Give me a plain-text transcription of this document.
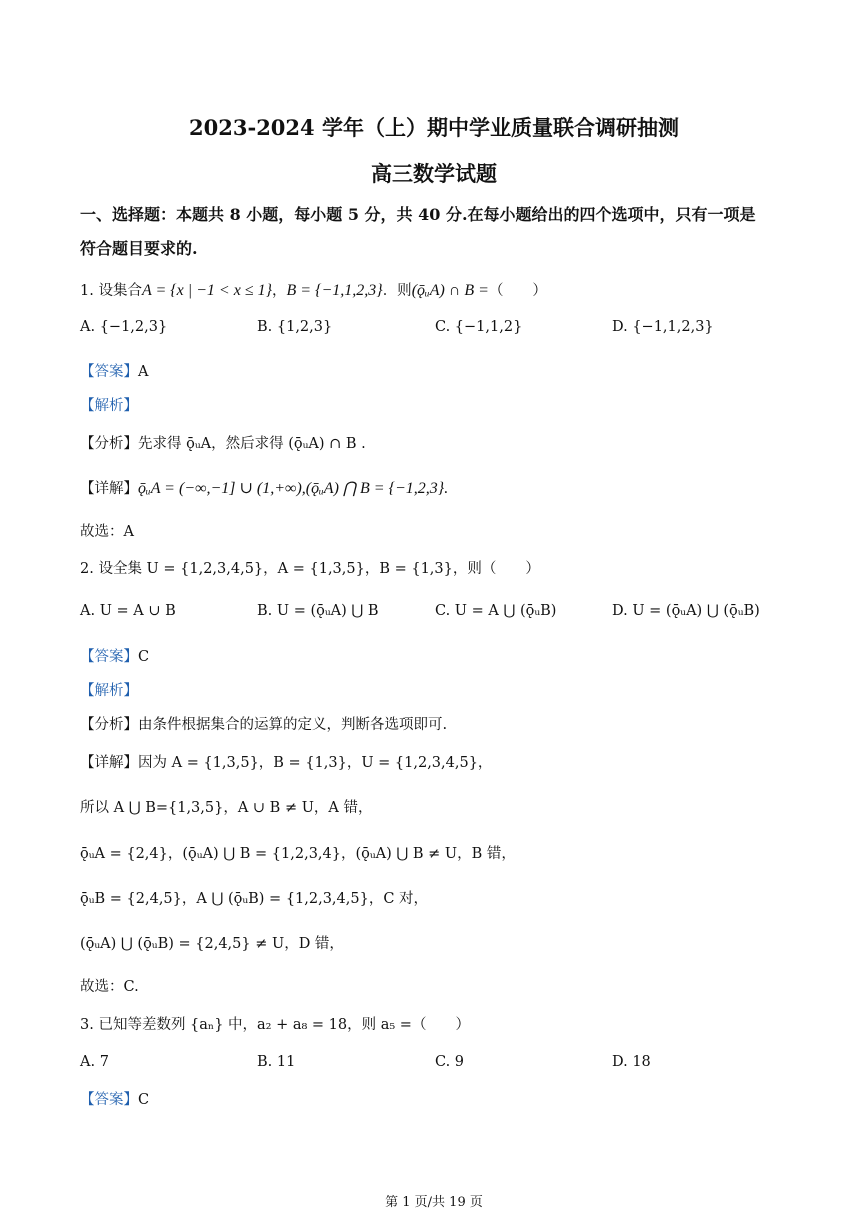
2023-2024 学年（上）期中学业质量联合调研抽测
高三数学试题
一、选择题：本题共 8 小题，每小题 5 分，共 40 分.在每小题给出的四个选项中，只有一项是
符合题目要求的.
1. 设集合A = {x | −1 < x ≤ 1}，B = {−1,1,2,3}．则(ǭᵤA) ∩ B =（　　）
A. {−1,2,3}	B. {1,2,3}	C. {−1,1,2}	D. {−1,1,2,3}
【答案】A
【解析】
【分析】先求得 ǭᵤA，然后求得 (ǭᵤA) ∩ B .
【详解】ǭᵤA = (−∞,−1] ∪ (1,+∞),(ǭᵤA) ⋂ B = {−1,2,3}.
故选：A
2. 设全集 U = {1,2,3,4,5}，A = {1,3,5}，B = {1,3}，则（　　）
A. U = A ∪ B	B. U = (ǭᵤA) ⋃ B	C. U = A ⋃ (ǭᵤB)	D. U = (ǭᵤA) ⋃ (ǭᵤB)
【答案】C
【解析】
【分析】由条件根据集合的运算的定义，判断各选项即可.
【详解】因为 A = {1,3,5}，B = {1,3}，U = {1,2,3,4,5}，
所以 A ⋃ B={1,3,5}，A ∪ B ≠ U，A 错，
ǭᵤA = {2,4}，(ǭᵤA) ⋃ B = {1,2,3,4}，(ǭᵤA) ⋃ B ≠ U，B 错，
ǭᵤB = {2,4,5}，A ⋃ (ǭᵤB) = {1,2,3,4,5}，C 对，
(ǭᵤA) ⋃ (ǭᵤB) = {2,4,5} ≠ U，D 错，
故选：C.
3. 已知等差数列 {aₙ} 中，a₂ + a₈ = 18，则 a₅ =（　　）
A. 7	B. 11	C. 9	D. 18
【答案】C
第 1 页/共 19 页
